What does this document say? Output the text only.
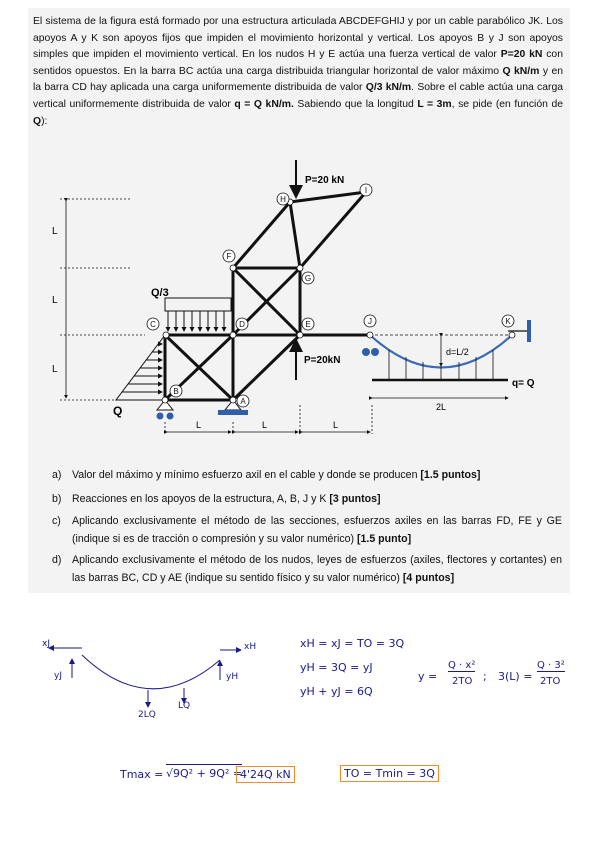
El sistema de la figura está formado por una estructura articulada ABCDEFGHIJ y por un cable parabólico JK. Los apoyos A y K son apoyos fijos que impiden el movimiento horizontal y vertical. Los apoyos B y J son apoyos simples que impiden el movimiento vertical. En los nudos H y E actúa una fuerza vertical de valor P=20 kN con sentidos opuestos. En la barra BC actúa una carga distribuida triangular horizontal de valor máximo Q kN/m y en la barra CD hay aplicada una carga uniformemente distribuida de valor Q/3 kN/m. Sobre el cable actúa una carga vertical uniformemente distribuida de valor q = Q kN/m. Sabiendo que la longitud L = 3m, se pide (en función de Q):
L
L
L
Q/3
Q
P=20 kN
P=20kN
d=L/2
q= Q
2L
L	L	L
C	D	E	J	K
B
A
F
G
H
I
a) Valor del máximo y mínimo esfuerzo axil en el cable y donde se producen [1.5 puntos]
b) Reacciones en los apoyos de la estructura, A, B, J y K [3 puntos]
c) Aplicando exclusivamente el método de las secciones, esfuerzos axiles en las barras FD, FE y GE (indique si es de tracción o compresión y su valor numérico) [1.5 punto]
d) Aplicando exclusivamente el método de los nudos, leyes de esfuerzos (axiles, flectores y cortantes) en las barras BC, CD y AE (indique su sentido físico y su valor numérico) [4 puntos]
xJ	xH
yJ	yH
2LQ
LQ
xH = xJ = TO = 3Q
yH = 3Q = yJ
yH + yJ = 6Q
y =
Q · x²
2TO ; 3(L) =
Q · 3²
2TO
Tmax = √9Q² + 9Q² =
4'24Q kN	TO = Tmin = 3Q
